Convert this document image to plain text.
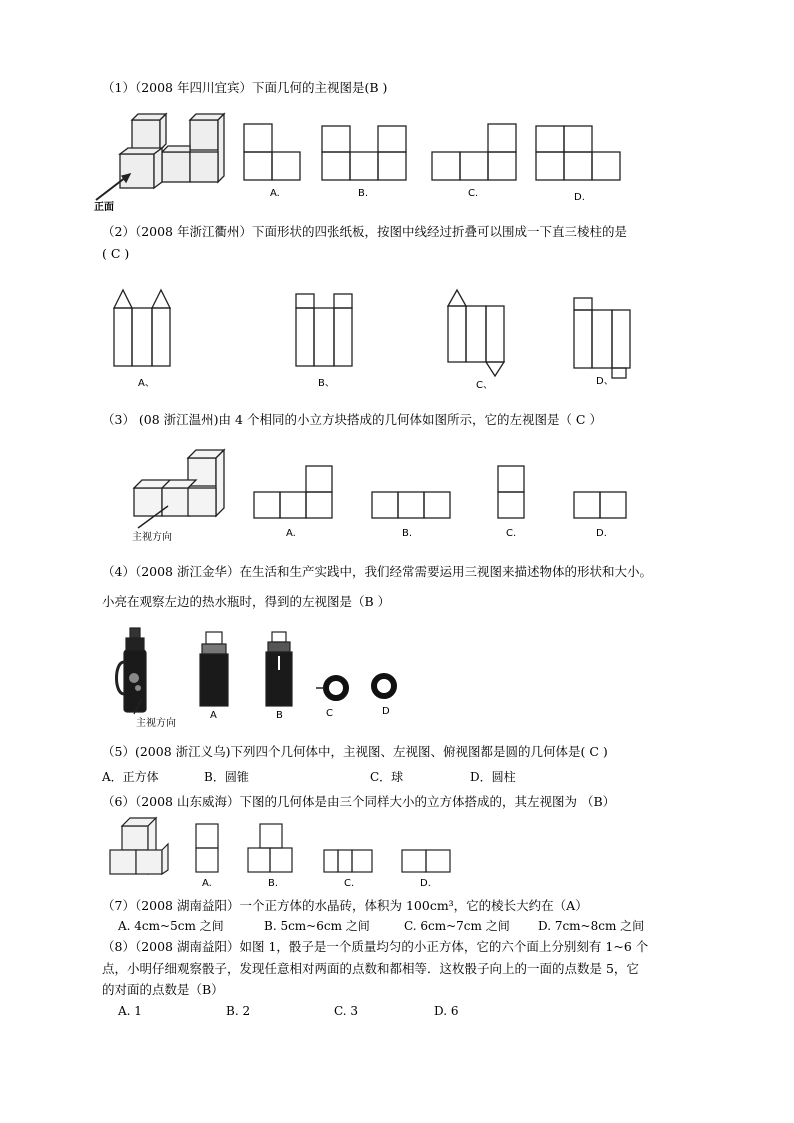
（1）（2008 年四川宜宾）下面几何的主视图是(B )
正面
A.	B.	C.	D.
（2）（2008 年浙江衢州）下面形状的四张纸板，按图中线经过折叠可以围成一下直三棱柱的是
( C )
A、	B、	C、	D、
（3） (08 浙江温州)由 4 个相同的小立方块搭成的几何体如图所示，它的左视图是（ C ）
主视方向	A.	B.	C.	D.
（4）（2008 浙江金华）在生活和生产实践中，我们经常需要运用三视图来描述物体的形状和大小。
小亮在观察左边的热水瓶时，得到的左视图是（B ）
主视方向
A	B	C	D
（5）(2008 浙江义乌)下列四个几何体中，主视图、左视图、俯视图都是圆的几何体是( C )
A．正方体	B．圆锥	C．球	D．圆柱
（6）（2008 山东威海）下图的几何体是由三个同样大小的立方体搭成的，其左视图为 （B）
A.	B.	C.	D.
（7）（2008 湖南益阳）一个正方体的水晶砖，体积为 100cm³，它的棱长大约在（A）
A. 4cm~5cm 之间	B. 5cm~6cm 之间	C. 6cm~7cm 之间 D. 7cm~8cm 之间
（8）（2008 湖南益阳）如图 1，骰子是一个质量均匀的小正方体，它的六个面上分别刻有 1~6 个
点，小明仔细观察骰子，发现任意相对两面的点数和都相等．这枚骰子向上的一面的点数是 5，它
的对面的点数是（B）
A. 1	B. 2	C. 3	D. 6
